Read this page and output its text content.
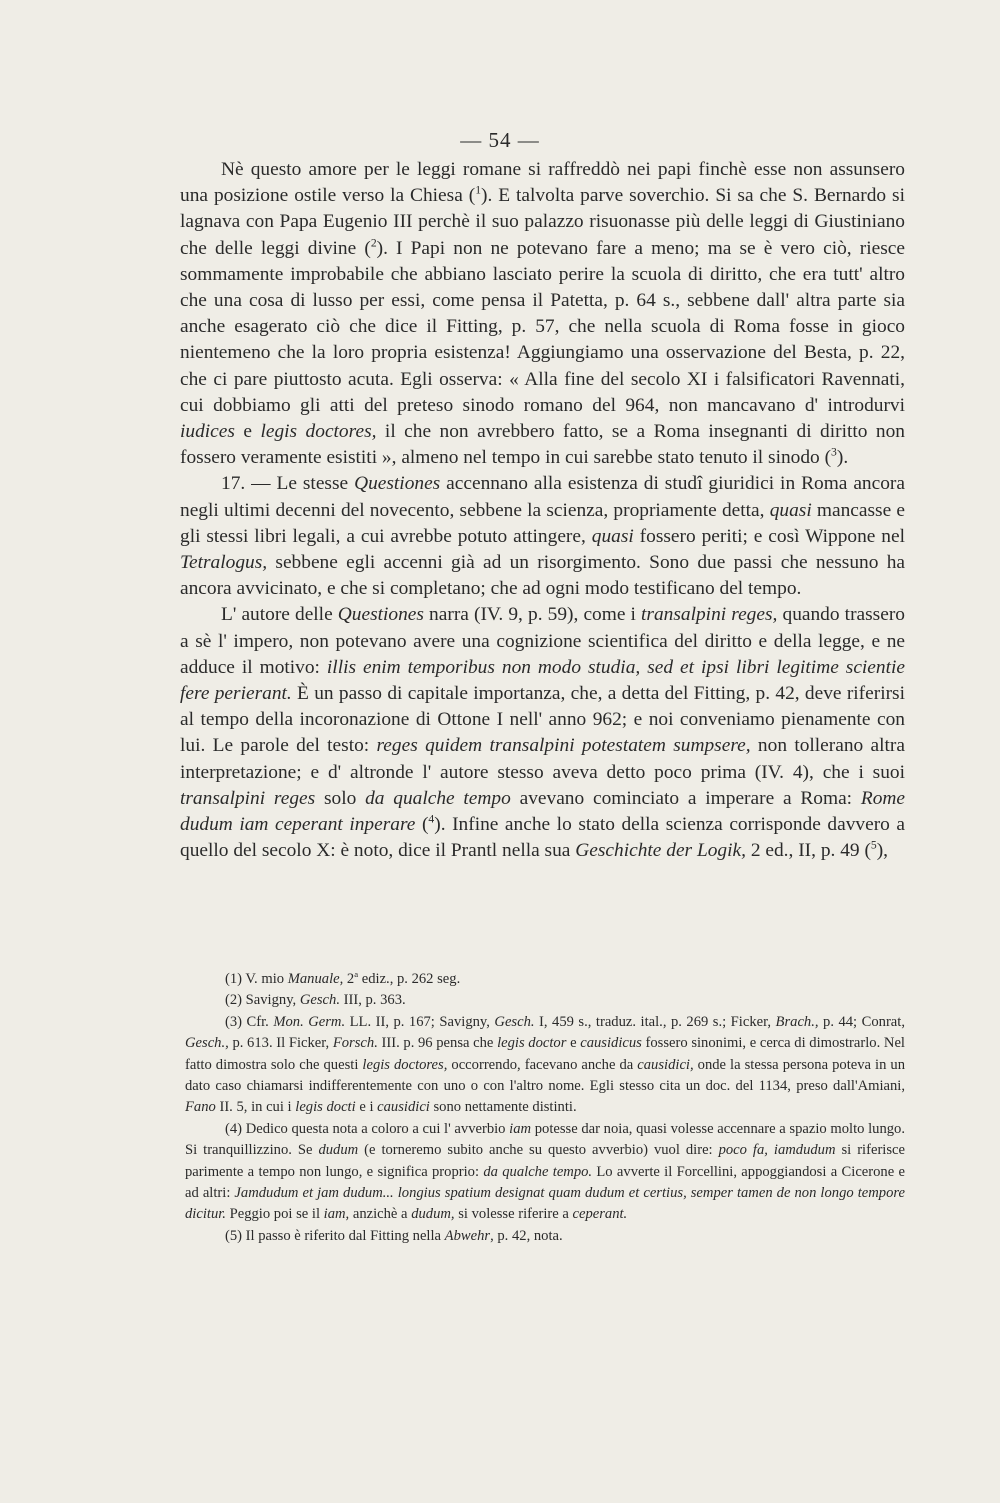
— 54 —

Nè questo amore per le leggi romane si raffreddò nei papi finchè esse non assunsero una posizione ostile verso la Chiesa ($^1$). E talvolta parve soverchio. Si sa che S. Bernardo si lagnava con Papa Eugenio III perchè il suo palazzo risuonasse più delle leggi di Giustiniano che delle leggi divine ($^2$). I Papi non ne potevano fare a meno; ma se è vero ciò, riesce sommamente improbabile che abbiano lasciato perire la scuola di diritto, che era tutt' altro che una cosa di lusso per essi, come pensa il Patetta, p. 64 s., sebbene dall' altra parte sia anche esagerato ciò che dice il Fitting, p. 57, che nella scuola di Roma fosse in gioco nientemeno che la loro propria esistenza! Aggiungiamo una osservazione del Besta, p. 22, che ci pare piuttosto acuta. Egli osserva: « Alla fine del secolo XI i falsificatori Ravennati, cui dobbiamo gli atti del preteso sinodo romano del 964, non mancavano d' introdurvi iudices e legis doctores, il che non avrebbero fatto, se a Roma insegnanti di diritto non fossero veramente esistiti », almeno nel tempo in cui sarebbe stato tenuto il sinodo ($^3$).

17. — Le stesse Questiones accennano alla esistenza di studî giuridici in Roma ancora negli ultimi decenni del novecento, sebbene la scienza, propriamente detta, quasi mancasse e gli stessi libri legali, a cui avrebbe potuto attingere, quasi fossero periti; e così Wippone nel Tetralogus, sebbene egli accenni già ad un risorgimento. Sono due passi che nessuno ha ancora avvicinato, e che si completano; che ad ogni modo testificano del tempo.

L' autore delle Questiones narra (IV. 9, p. 59), come i transalpini reges, quando trassero a sè l' impero, non potevano avere una cognizione scientifica del diritto e della legge, e ne adduce il motivo: illis enim temporibus non modo studia, sed et ipsi libri legitime scientie fere perierant. È un passo di capitale importanza, che, a detta del Fitting, p. 42, deve riferirsi al tempo della incoronazione di Ottone I nell' anno 962; e noi conveniamo pienamente con lui. Le parole del testo: reges quidem transalpini potestatem sumpsere, non tollerano altra interpretazione; e d' altronde l' autore stesso aveva detto poco prima (IV. 4), che i suoi transalpini reges solo da qualche tempo avevano cominciato a imperare a Roma: Rome dudum iam ceperant inperare ($^4$). Infine anche lo stato della scienza corrisponde davvero a quello del secolo X: è noto, dice il Prantl nella sua Geschichte der Logik, 2 ed., II, p. 49 ($^5$),

(1) V. mio Manuale, 2$^a$ ediz., p. 262 seg.

(2) Savigny, Gesch. III, p. 363.

(3) Cfr. Mon. Germ. LL. II, p. 167; Savigny, Gesch. I, 459 s., traduz. ital., p. 269 s.; Ficker, Brach., p. 44; Conrat, Gesch., p. 613. Il Ficker, Forsch. III. p. 96 pensa che legis doctor e causidicus fossero sinonimi, e cerca di dimostrarlo. Nel fatto dimostra solo che questi legis doctores, occorrendo, facevano anche da causidici, onde la stessa persona poteva in un dato caso chiamarsi indifferentemente con uno o con l'altro nome. Egli stesso cita un doc. del 1134, preso dall'Amiani, Fano II. 5, in cui i legis docti e i causidici sono nettamente distinti.

(4) Dedico questa nota a coloro a cui l' avverbio iam potesse dar noia, quasi volesse accennare a spazio molto lungo. Si tranquillizzino. Se dudum (e torneremo subito anche su questo avverbio) vuol dire: poco fa, iamdudum si riferisce parimente a tempo non lungo, e significa proprio: da qualche tempo. Lo avverte il Forcellini, appoggiandosi a Cicerone e ad altri: Jamdudum et jam dudum... longius spatium designat quam dudum et certius, semper tamen de non longo tempore dicitur. Peggio poi se il iam, anzichè a dudum, si volesse riferire a ceperant.

(5) Il passo è riferito dal Fitting nella Abwehr, p. 42, nota.
